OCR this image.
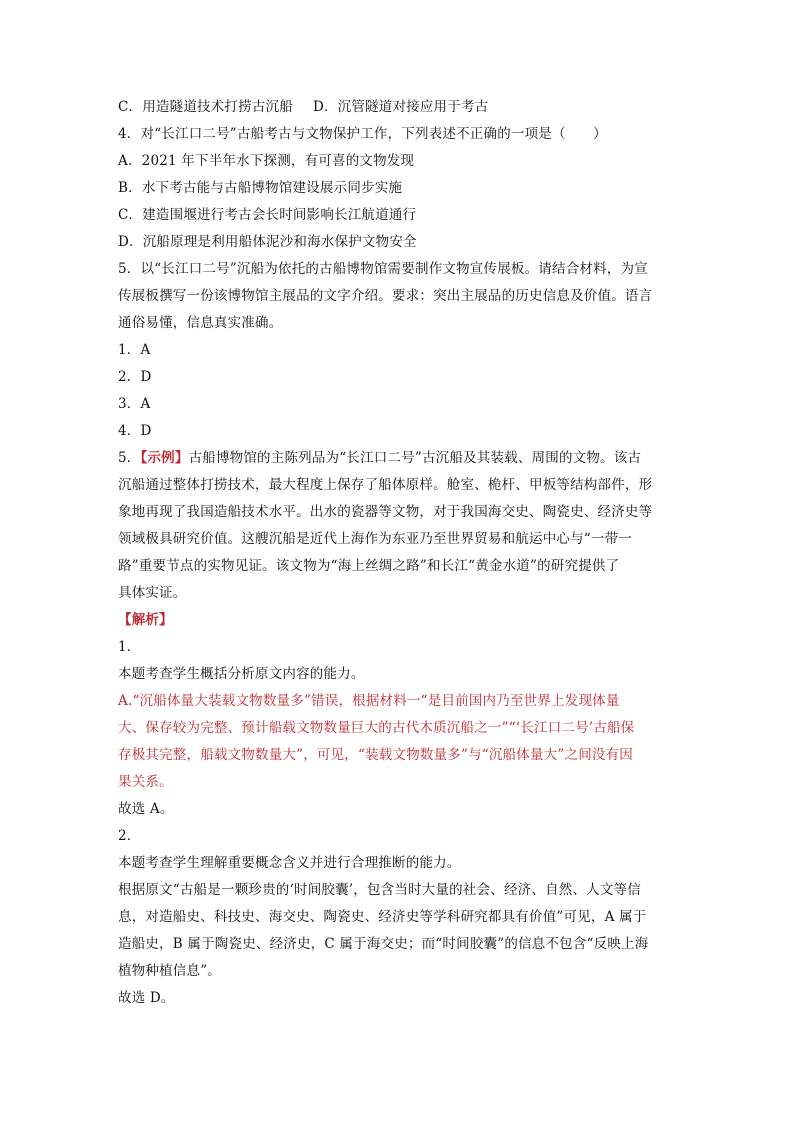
C．用造隧道技术打捞古沉船 D．沉管隧道对接应用于考古
4．对“长江口二号”古船考古与文物保护工作，下列表述不正确的一项是（　　）
A．2021 年下半年水下探测，有可喜的文物发现
B．水下考古能与古船博物馆建设展示同步实施
C．建造围堰进行考古会长时间影响长江航道通行
D．沉船原理是利用船体泥沙和海水保护文物安全
5．以“长江口二号”沉船为依托的古船博物馆需要制作文物宣传展板。请结合材料，为宣
传展板撰写一份该博物馆主展品的文字介绍。要求：突出主展品的历史信息及价值。语言
通俗易懂，信息真实准确。
1．A
2．D
3．A
4．D
5．【示例】古船博物馆的主陈列品为“长江口二号”古沉船及其装载、周围的文物。该古
沉船通过整体打捞技术，最大程度上保存了船体原样。舱室、桅杆、甲板等结构部件，形
象地再现了我国造船技术水平。出水的瓷器等文物，对于我国海交史、陶瓷史、经济史等
领域极具研究价值。这艘沉船是近代上海作为东亚乃至世界贸易和航运中心与“一带一
路”重要节点的实物见证。该文物为“海上丝绸之路”和长江“黄金水道”的研究提供了
具体实证。
【解析】
1．
本题考查学生概括分析原文内容的能力。
A.“沉船体量大装载文物数量多”错误，根据材料一“是目前国内乃至世界上发现体量
大、保存较为完整、预计船载文物数量巨大的古代木质沉船之一”“‘长江口二号’古船保
存极其完整，船载文物数量大”，可见，“装载文物数量多”与“沉船体量大”之间没有因
果关系。
故选 A。
2．
本题考查学生理解重要概念含义并进行合理推断的能力。
根据原文“古船是一颗珍贵的‘时间胶囊’，包含当时大量的社会、经济、自然、人文等信
息，对造船史、科技史、海交史、陶瓷史、经济史等学科研究都具有价值”可见，A 属于
造船史，B 属于陶瓷史、经济史，C 属于海交史；而“时间胶囊”的信息不包含“反映上海
植物种植信息”。
故选 D。
